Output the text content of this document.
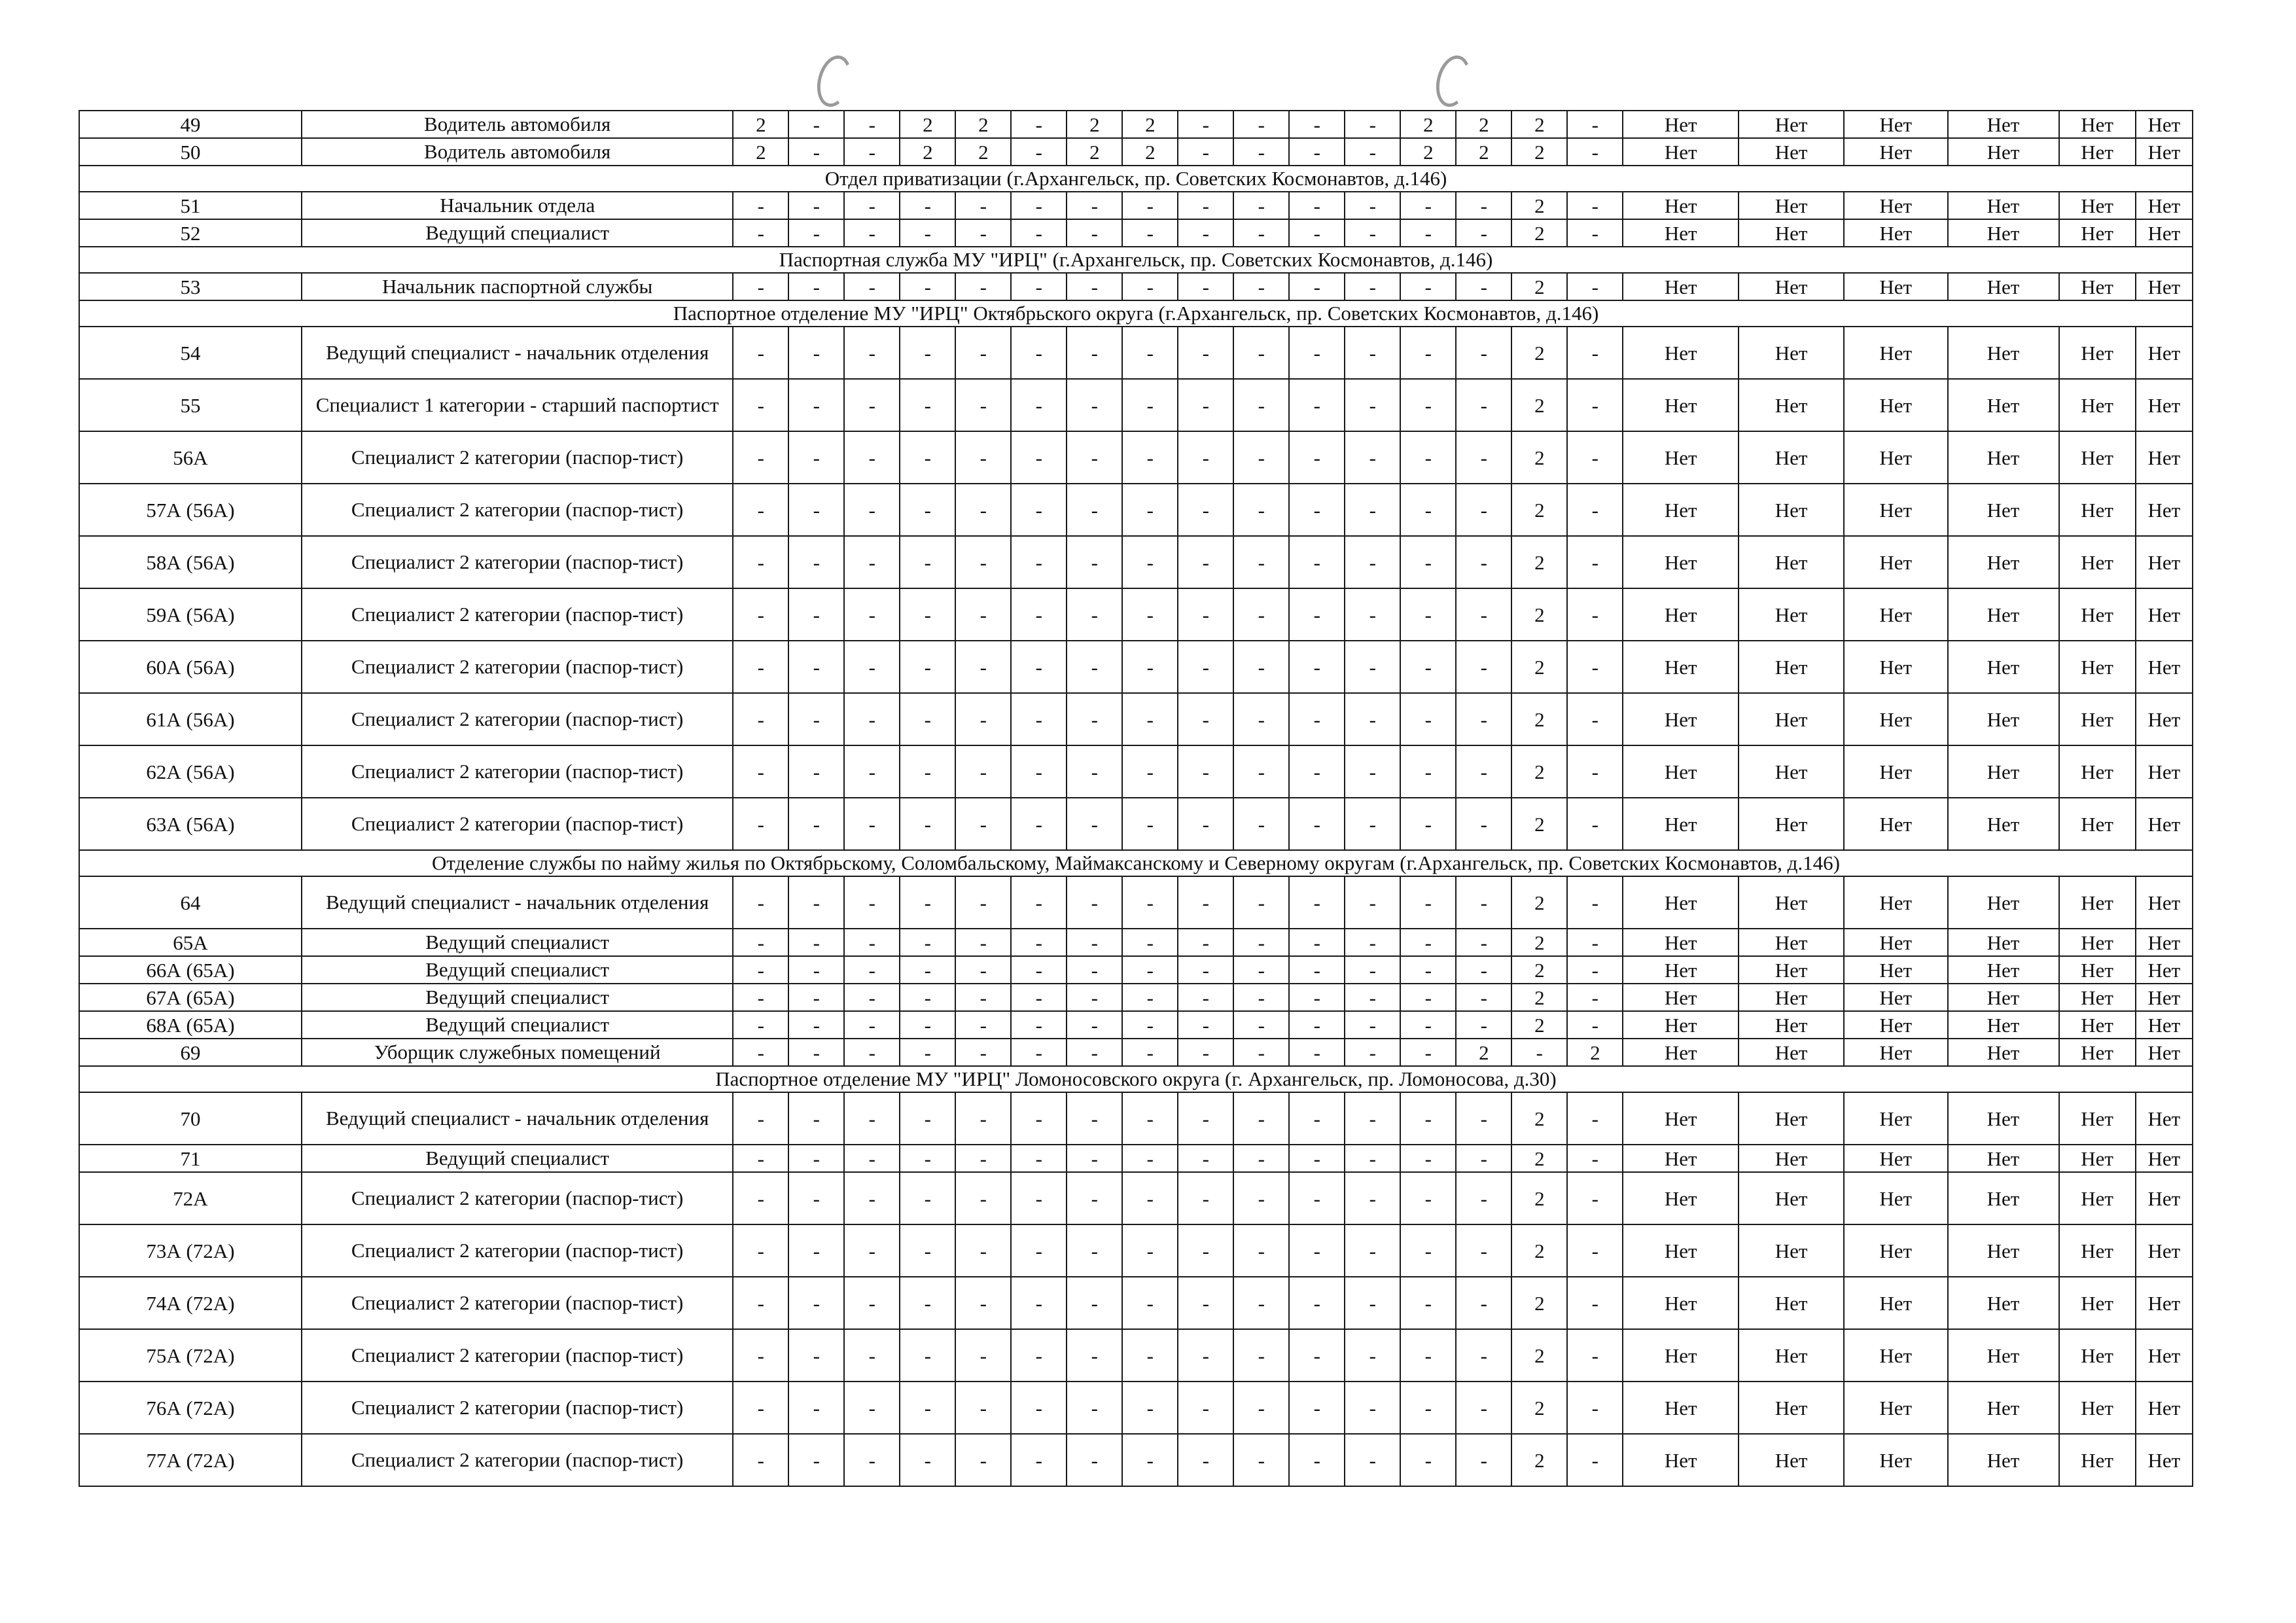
49	Водитель автомобиля	2	-	-	2	2	-	2	2	-	-	-	-	2	2	2	-	Нет	Нет	Нет	Нет	Нет	Нет
50	Водитель автомобиля	2	-	-	2	2	-	2	2	-	-	-	-	2	2	2	-	Нет	Нет	Нет	Нет	Нет	Нет
Отдел приватизации (г.Архангельск, пр. Советских Космонавтов, д.146)																							
51	Начальник отдела	-	-	-	-	-	-	-	-	-	-	-	-	-	-	2	-	Нет	Нет	Нет	Нет	Нет	Нет
52	Ведущий специалист	-	-	-	-	-	-	-	-	-	-	-	-	-	-	2	-	Нет	Нет	Нет	Нет	Нет	Нет
Паспортная служба МУ "ИРЦ" (г.Архангельск, пр. Советских Космонавтов, д.146)																							
53	Начальник паспортной службы	-	-	-	-	-	-	-	-	-	-	-	-	-	-	2	-	Нет	Нет	Нет	Нет	Нет	Нет
Паспортное отделение МУ "ИРЦ" Октябрьского округа (г.Архангельск, пр. Советских Космонавтов, д.146)																							
54	Ведущий специалист - начальник отделения	-	-	-	-	-	-	-	-	-	-	-	-	-	-	2	-	Нет	Нет	Нет	Нет	Нет	Нет
55	Специалист 1 категории - старший паспортист	-	-	-	-	-	-	-	-	-	-	-	-	-	-	2	-	Нет	Нет	Нет	Нет	Нет	Нет
56А	Специалист 2 категории (паспор-тист)	-	-	-	-	-	-	-	-	-	-	-	-	-	-	2	-	Нет	Нет	Нет	Нет	Нет	Нет
57А (56А)	Специалист 2 категории (паспор-тист)	-	-	-	-	-	-	-	-	-	-	-	-	-	-	2	-	Нет	Нет	Нет	Нет	Нет	Нет
58А (56А)	Специалист 2 категории (паспор-тист)	-	-	-	-	-	-	-	-	-	-	-	-	-	-	2	-	Нет	Нет	Нет	Нет	Нет	Нет
59А (56А)	Специалист 2 категории (паспор-тист)	-	-	-	-	-	-	-	-	-	-	-	-	-	-	2	-	Нет	Нет	Нет	Нет	Нет	Нет
60А (56А)	Специалист 2 категории (паспор-тист)	-	-	-	-	-	-	-	-	-	-	-	-	-	-	2	-	Нет	Нет	Нет	Нет	Нет	Нет
61А (56А)	Специалист 2 категории (паспор-тист)	-	-	-	-	-	-	-	-	-	-	-	-	-	-	2	-	Нет	Нет	Нет	Нет	Нет	Нет
62А (56А)	Специалист 2 категории (паспор-тист)	-	-	-	-	-	-	-	-	-	-	-	-	-	-	2	-	Нет	Нет	Нет	Нет	Нет	Нет
63А (56А)	Специалист 2 категории (паспор-тист)	-	-	-	-	-	-	-	-	-	-	-	-	-	-	2	-	Нет	Нет	Нет	Нет	Нет	Нет
Отделение службы по найму жилья по Октябрьскому, Соломбальскому, Маймаксанскому и Северному округам (г.Архангельск, пр. Советских Космонавтов, д.146)																							
64	Ведущий специалист - начальник отделения	-	-	-	-	-	-	-	-	-	-	-	-	-	-	2	-	Нет	Нет	Нет	Нет	Нет	Нет
65А	Ведущий специалист	-	-	-	-	-	-	-	-	-	-	-	-	-	-	2	-	Нет	Нет	Нет	Нет	Нет	Нет
66А (65А)	Ведущий специалист	-	-	-	-	-	-	-	-	-	-	-	-	-	-	2	-	Нет	Нет	Нет	Нет	Нет	Нет
67А (65А)	Ведущий специалист	-	-	-	-	-	-	-	-	-	-	-	-	-	-	2	-	Нет	Нет	Нет	Нет	Нет	Нет
68А (65А)	Ведущий специалист	-	-	-	-	-	-	-	-	-	-	-	-	-	-	2	-	Нет	Нет	Нет	Нет	Нет	Нет
69	Уборщик служебных помещений	-	-	-	-	-	-	-	-	-	-	-	-	-	2	-	2	Нет	Нет	Нет	Нет	Нет	Нет
Паспортное отделение МУ "ИРЦ" Ломоносовского округа (г. Архангельск, пр. Ломоносова, д.30)																							
70	Ведущий специалист - начальник отделения	-	-	-	-	-	-	-	-	-	-	-	-	-	-	2	-	Нет	Нет	Нет	Нет	Нет	Нет
71	Ведущий специалист	-	-	-	-	-	-	-	-	-	-	-	-	-	-	2	-	Нет	Нет	Нет	Нет	Нет	Нет
72А	Специалист 2 категории (паспор-тист)	-	-	-	-	-	-	-	-	-	-	-	-	-	-	2	-	Нет	Нет	Нет	Нет	Нет	Нет
73А (72А)	Специалист 2 категории (паспор-тист)	-	-	-	-	-	-	-	-	-	-	-	-	-	-	2	-	Нет	Нет	Нет	Нет	Нет	Нет
74А (72А)	Специалист 2 категории (паспор-тист)	-	-	-	-	-	-	-	-	-	-	-	-	-	-	2	-	Нет	Нет	Нет	Нет	Нет	Нет
75А (72А)	Специалист 2 категории (паспор-тист)	-	-	-	-	-	-	-	-	-	-	-	-	-	-	2	-	Нет	Нет	Нет	Нет	Нет	Нет
76А (72А)	Специалист 2 категории (паспор-тист)	-	-	-	-	-	-	-	-	-	-	-	-	-	-	2	-	Нет	Нет	Нет	Нет	Нет	Нет
77А (72А)	Специалист 2 категории (паспор-тист)	-	-	-	-	-	-	-	-	-	-	-	-	-	-	2	-	Нет	Нет	Нет	Нет	Нет	Нет
